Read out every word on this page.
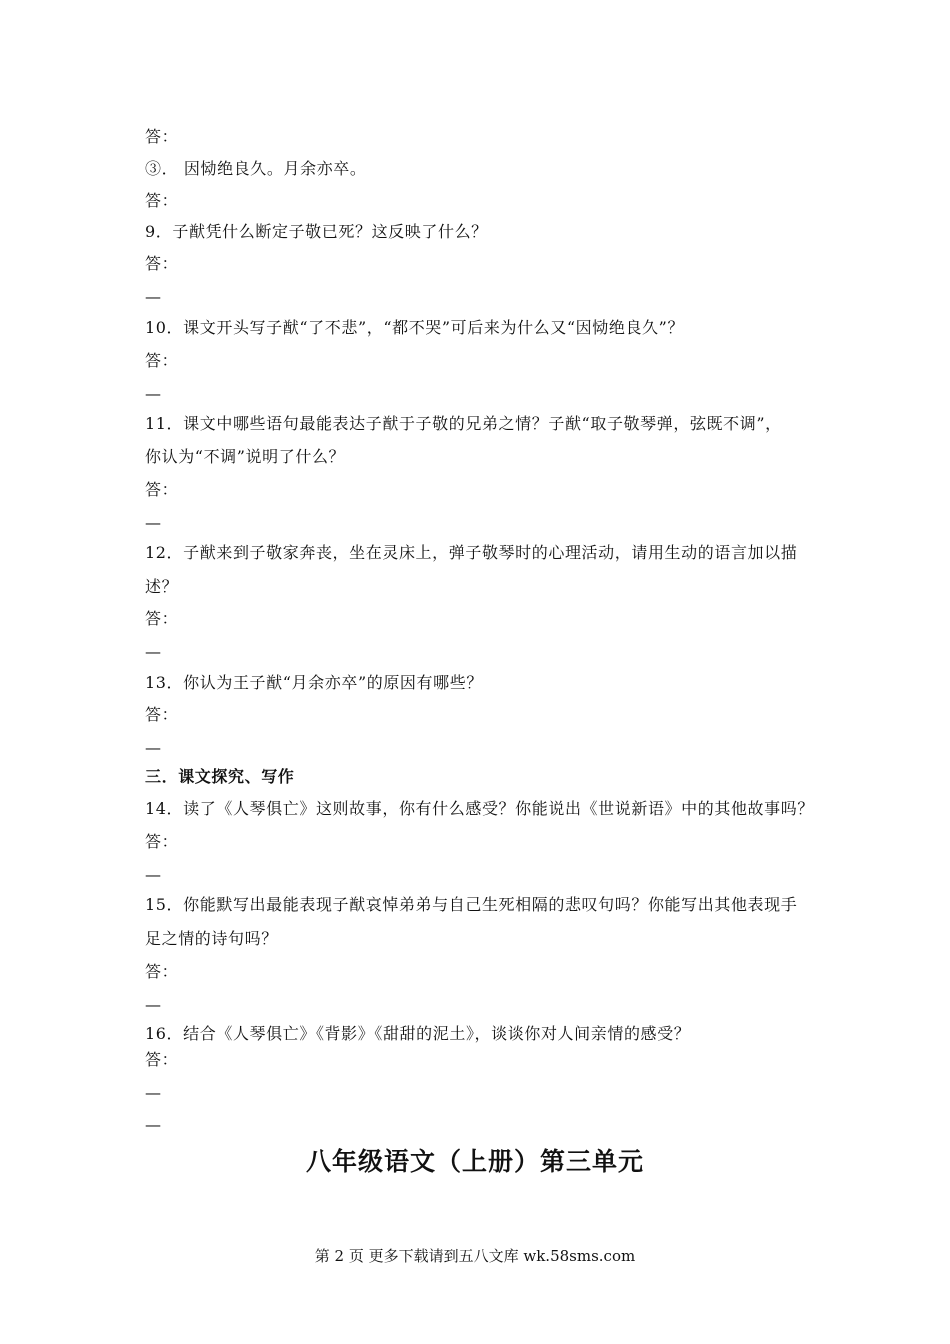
答：
③． 因恸绝良久。月余亦卒。
答：
9．子猷凭什么断定子敬已死？这反映了什么？
答：
—
10．课文开头写子猷“了不悲”，“都不哭”可后来为什么又“因恸绝良久”？
答：
—
11．课文中哪些语句最能表达子猷于子敬的兄弟之情？子猷“取子敬琴弹，弦既不调”，
你认为“不调”说明了什么？
答：
—
12．子猷来到子敬家奔丧，坐在灵床上，弹子敬琴时的心理活动，请用生动的语言加以描
述？
答：
—
13．你认为王子猷“月余亦卒”的原因有哪些？
答：
—
三．课文探究、写作
14．读了《人琴俱亡》这则故事，你有什么感受？你能说出《世说新语》中的其他故事吗？
答：
—
15．你能默写出最能表现子猷哀悼弟弟与自己生死相隔的悲叹句吗？你能写出其他表现手
足之情的诗句吗？
答：
—
16．结合《人琴俱亡》《背影》《甜甜的泥土》，谈谈你对人间亲情的感受？
答：
—
—
八年级语文（上册）第三单元
第 2 页 更多下载请到五八文库 wk.58sms.com
